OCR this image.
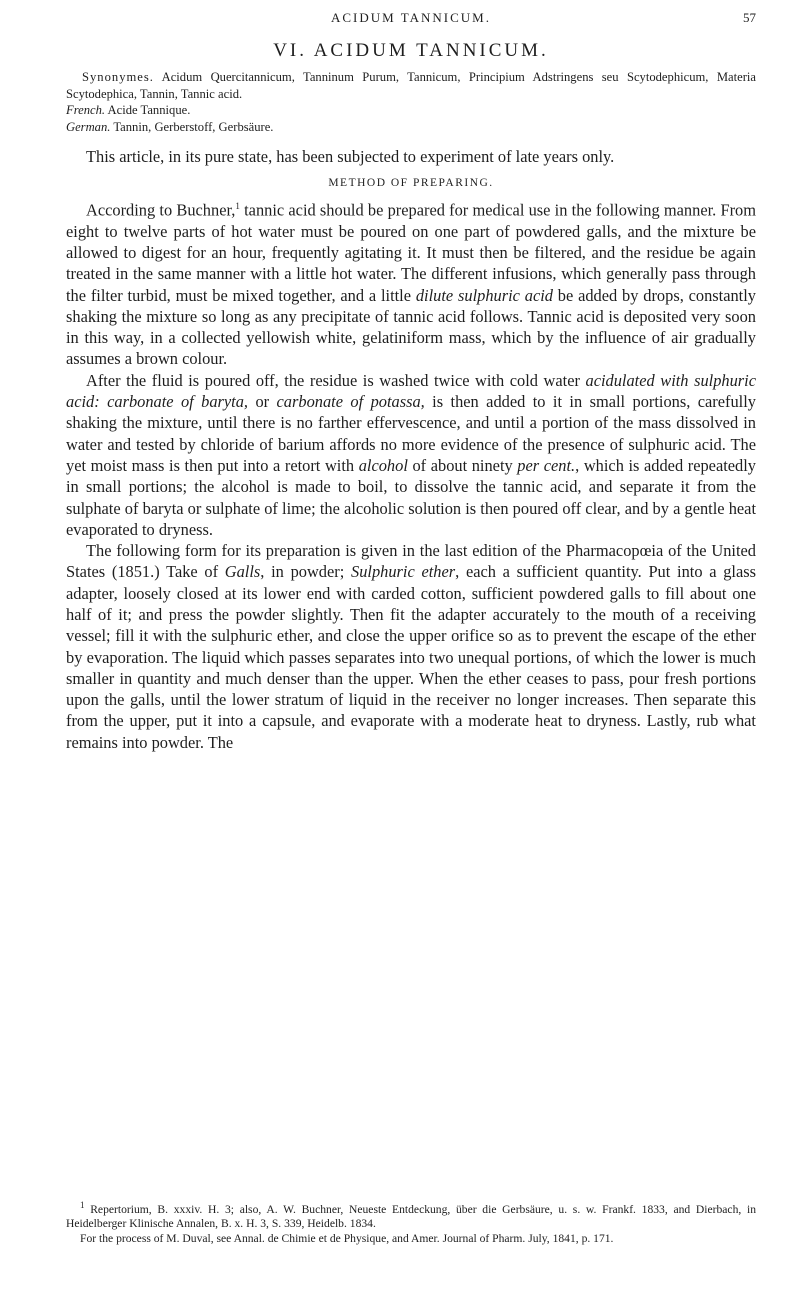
ACIDUM TANNICUM.	57
VI. ACIDUM TANNICUM.

Synonymes. Acidum Quercitannicum, Tanninum Purum, Tannicum, Principium Adstringens seu Scytodephicum, Materia Scytodephica, Tannin, Tannic acid.

French. Acide Tannique.

German. Tannin, Gerberstoff, Gerbsäure.

This article, in its pure state, has been subjected to experiment of late years only.

METHOD OF PREPARING.

According to Buchner,$^1$ tannic acid should be prepared for medical use in the following manner. From eight to twelve parts of hot water must be poured on one part of powdered galls, and the mixture be allowed to digest for an hour, frequently agitating it. It must then be filtered, and the residue be again treated in the same manner with a little hot water. The different infusions, which generally pass through the filter turbid, must be mixed together, and a little dilute sulphuric acid be added by drops, constantly shaking the mixture so long as any precipitate of tannic acid follows. Tannic acid is deposited very soon in this way, in a collected yellowish white, gelatiniform mass, which by the influence of air gradually assumes a brown colour.

After the fluid is poured off, the residue is washed twice with cold water acidulated with sulphuric acid: carbonate of baryta, or carbonate of potassa, is then added to it in small portions, carefully shaking the mixture, until there is no farther effervescence, and until a portion of the mass dissolved in water and tested by chloride of barium affords no more evidence of the presence of sulphuric acid. The yet moist mass is then put into a retort with alcohol of about ninety per cent., which is added repeatedly in small portions; the alcohol is made to boil, to dissolve the tannic acid, and separate it from the sulphate of baryta or sulphate of lime; the alcoholic solution is then poured off clear, and by a gentle heat evaporated to dryness.

The following form for its preparation is given in the last edition of the Pharmacopœia of the United States (1851.) Take of Galls, in powder; Sulphuric ether, each a sufficient quantity. Put into a glass adapter, loosely closed at its lower end with carded cotton, sufficient powdered galls to fill about one half of it; and press the powder slightly. Then fit the adapter accurately to the mouth of a receiving vessel; fill it with the sulphuric ether, and close the upper orifice so as to prevent the escape of the ether by evaporation. The liquid which passes separates into two unequal portions, of which the lower is much smaller in quantity and much denser than the upper. When the ether ceases to pass, pour fresh portions upon the galls, until the lower stratum of liquid in the receiver no longer increases. Then separate this from the upper, put it into a capsule, and evaporate with a moderate heat to dryness. Lastly, rub what remains into powder. The

$^1$ Repertorium, B. xxxiv. H. 3; also, A. W. Buchner, Neueste Entdeckung, über die Gerbsäure, u. s. w. Frankf. 1833, and Dierbach, in Heidelberger Klinische Annalen, B. x. H. 3, S. 339, Heidelb. 1834.

For the process of M. Duval, see Annal. de Chimie et de Physique, and Amer. Journal of Pharm. July, 1841, p. 171.
